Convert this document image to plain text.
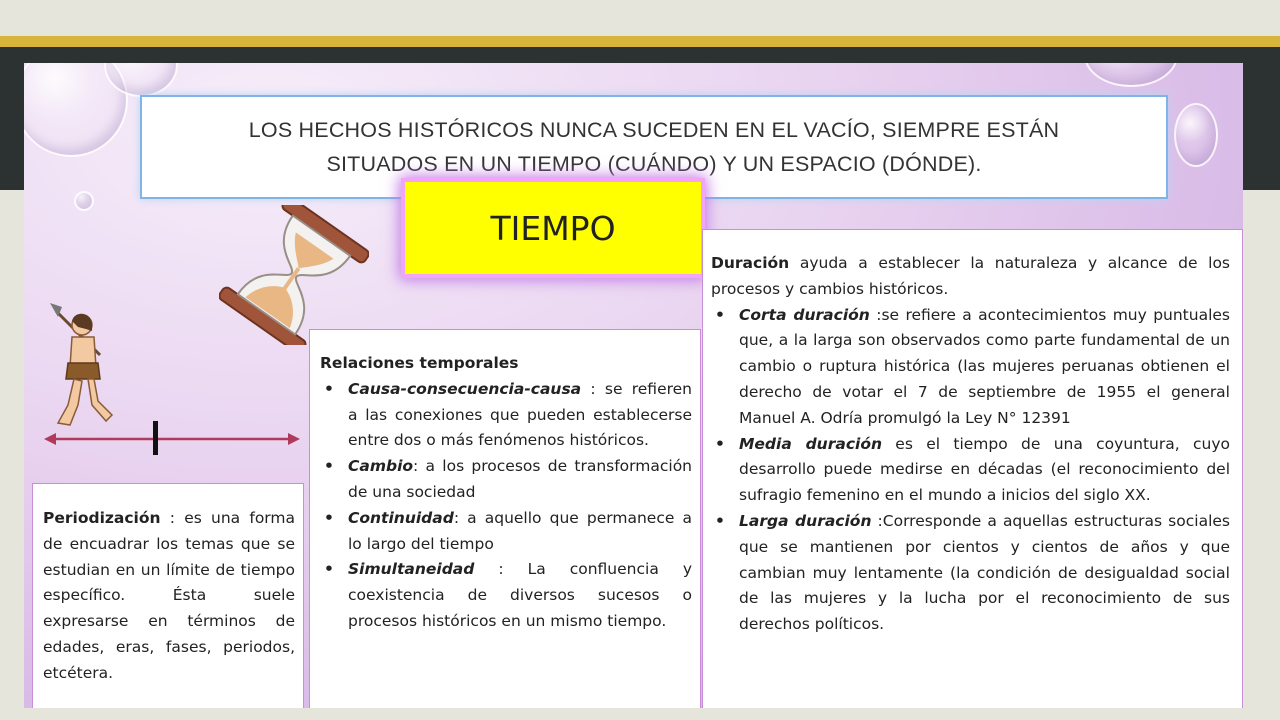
LOS HECHOS HISTÓRICOS NUNCA SUCEDEN EN EL VACÍO, SIEMPRE ESTÁN
SITUADOS EN UN TIEMPO (CUÁNDO) Y UN ESPACIO (DÓNDE).
TIEMPO

Periodización : es una forma de encuadrar los temas que se estudian en un límite de tiempo específico. Ésta suele expresarse en términos de edades, eras, fases, periodos, etcétera.

Relaciones temporales
• Causa-consecuencia-causa : se refieren a las conexiones que pueden establecerse entre dos o más fenómenos históricos.
• Cambio: a los procesos de transformación de una sociedad
• Continuidad: a aquello que permanece a lo largo del tiempo
• Simultaneidad : La confluencia y coexistencia de diversos sucesos o procesos históricos en un mismo tiempo.

Duración ayuda a establecer la naturaleza y alcance de los procesos y cambios históricos.

• Corta duración :se refiere a acontecimientos muy puntuales que, a la larga son observados como parte fundamental de un cambio o ruptura histórica (las mujeres peruanas obtienen el derecho de votar el 7 de septiembre de 1955 el general Manuel A. Odría promulgó la Ley N° 12391
• Media duración es el tiempo de una coyuntura, cuyo desarrollo puede medirse en décadas (el reconocimiento del sufragio femenino en el mundo a inicios del siglo XX.
• Larga duración :Corresponde a aquellas estructuras sociales que se mantienen por cientos y cientos de años y que cambian muy lentamente (la condición de desigualdad social de las mujeres y la lucha por el reconocimiento de sus derechos políticos.
